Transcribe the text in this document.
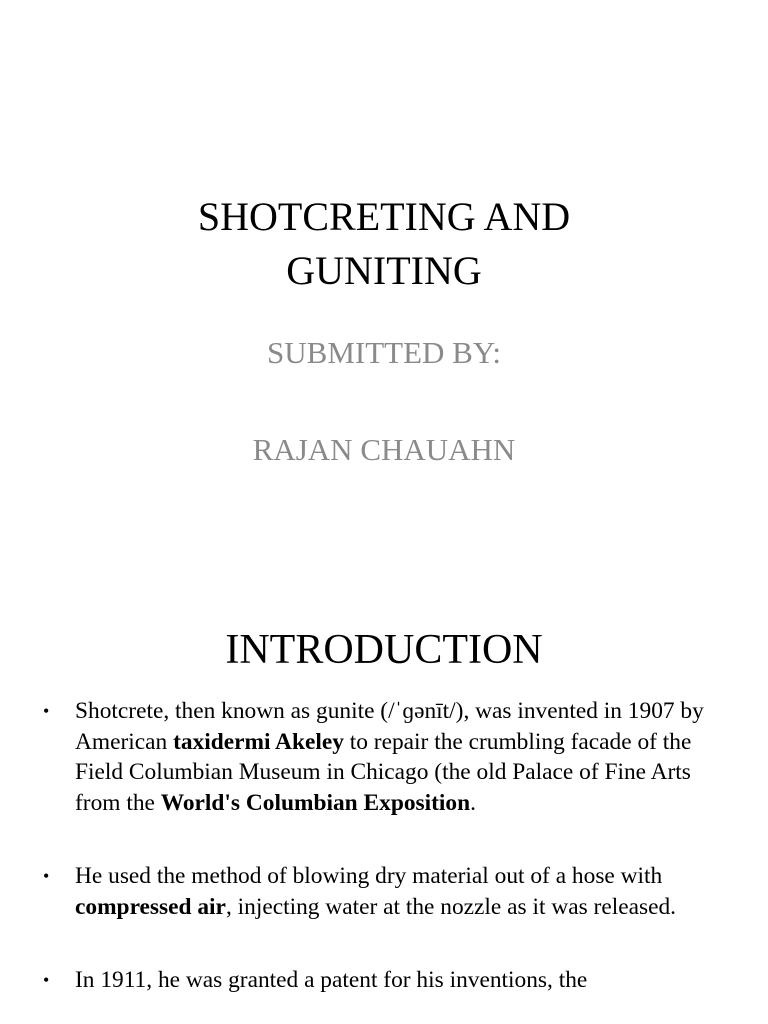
SHOTCRETING AND
GUNITING

SUBMITTED BY:

RAJAN CHAUAHN

INTRODUCTION
• Shotcrete, then known as gunite (/ˈɡənīt/), was invented in 1907 by American taxidermi Akeley to repair the crumbling facade of the Field Columbian Museum in Chicago (the old Palace of Fine Arts from the World's Columbian Exposition.
• He used the method of blowing dry material out of a hose with compressed air, injecting water at the nozzle as it was released.
• In 1911, he was granted a patent for his inventions, the
